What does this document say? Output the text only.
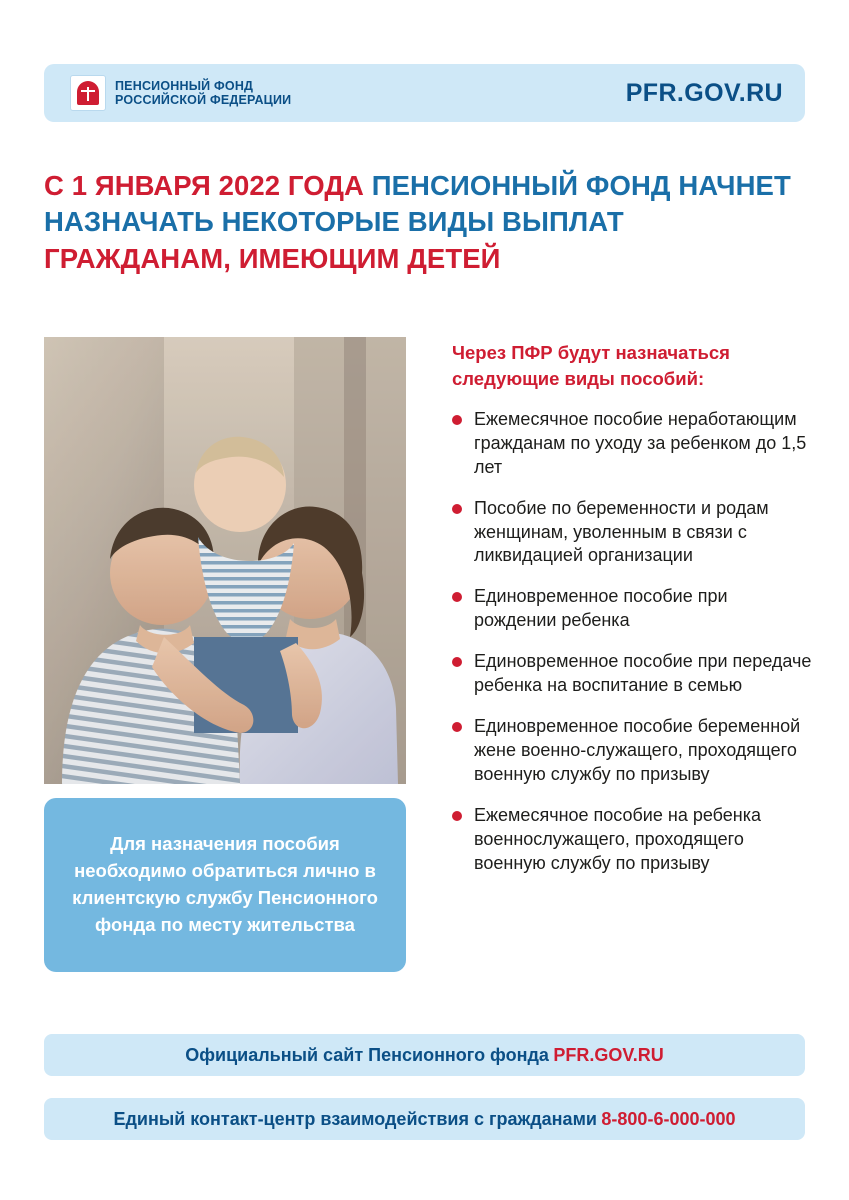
ПЕНСИОННЫЙ ФОНД
РОССИЙСКОЙ ФЕДЕРАЦИИ	PFR.GOV.RU
С 1 ЯНВАРЯ 2022 ГОДА ПЕНСИОННЫЙ ФОНД НАЧНЕТ НАЗНАЧАТЬ НЕКОТОРЫЕ ВИДЫ ВЫПЛАТ ГРАЖДАНАМ, ИМЕЮЩИМ ДЕТЕЙ

Для назначения пособия необходимо обратиться лично в клиентскую службу Пенсионного фонда по месту жительства

Через ПФР будут назначаться следующие виды пособий:
Ежемесячное пособие неработающим гражданам по уходу за ребенком до 1,5 лет
Пособие по беременности и родам женщинам, уволенным в связи с ликвидацией организации
Единовременное пособие при рождении ребенка
Единовременное пособие при передаче ребенка на воспитание в семью
Единовременное пособие беременной жене военно-служащего, проходящего военную службу по призыву
Ежемесячное пособие на ребенка военнослужащего, проходящего военную службу по призыву
Официальный сайт Пенсионного фонда PFR.GOV.RU
Единый контакт-центр взаимодействия с гражданами 8-800-6-000-000
